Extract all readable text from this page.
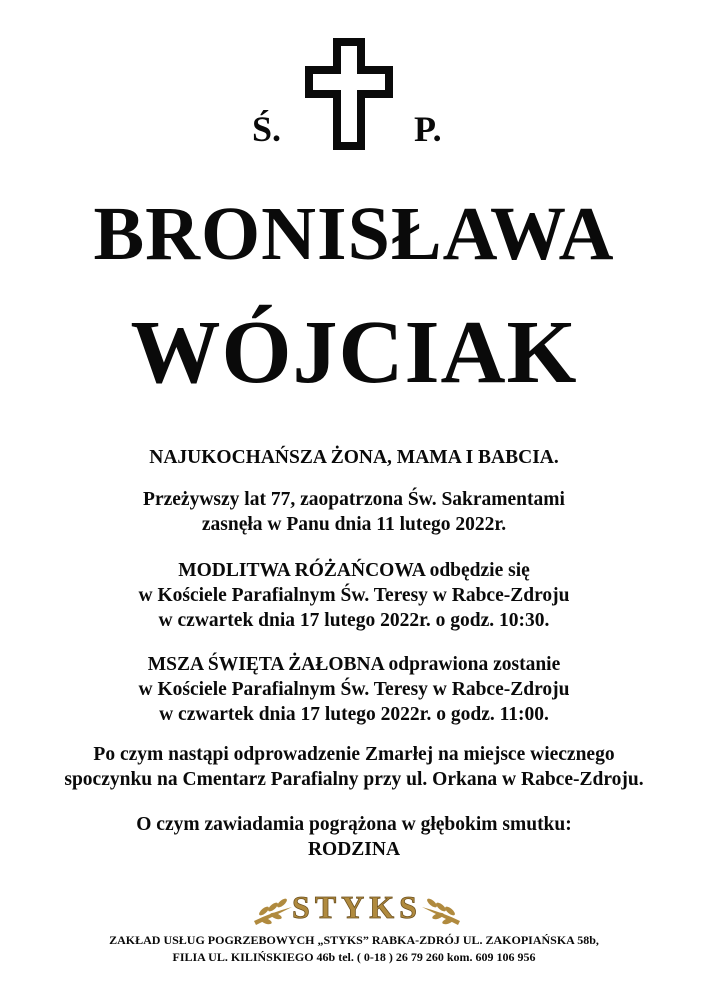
Ś.	P.
BRONISŁAWA
WÓJCIAK
NAJUKOCHAŃSZA ŻONA, MAMA I BABCIA.
Przeżywszy lat 77, zaopatrzona Św. Sakramentami
zasnęła w Panu dnia 11 lutego 2022r.
MODLITWA RÓŻAŃCOWA odbędzie się
w Kościele Parafialnym Św. Teresy w Rabce-Zdroju
w czwartek dnia 17 lutego 2022r. o godz. 10:30.
MSZA ŚWIĘTA ŻAŁOBNA odprawiona zostanie
w Kościele Parafialnym Św. Teresy w Rabce-Zdroju
w czwartek dnia 17 lutego 2022r. o godz. 11:00.
Po czym nastąpi odprowadzenie Zmarłej na miejsce wiecznego
spoczynku na Cmentarz Parafialny przy ul. Orkana w Rabce-Zdroju.
O czym zawiadamia pogrążona w głębokim smutku:
RODZINA
STYKS
ZAKŁAD USŁUG POGRZEBOWYCH „STYKS” RABKA-ZDRÓJ UL. ZAKOPIAŃSKA 58b,
FILIA UL. KILIŃSKIEGO 46b tel. ( 0-18 ) 26 79 260 kom. 609 106 956
